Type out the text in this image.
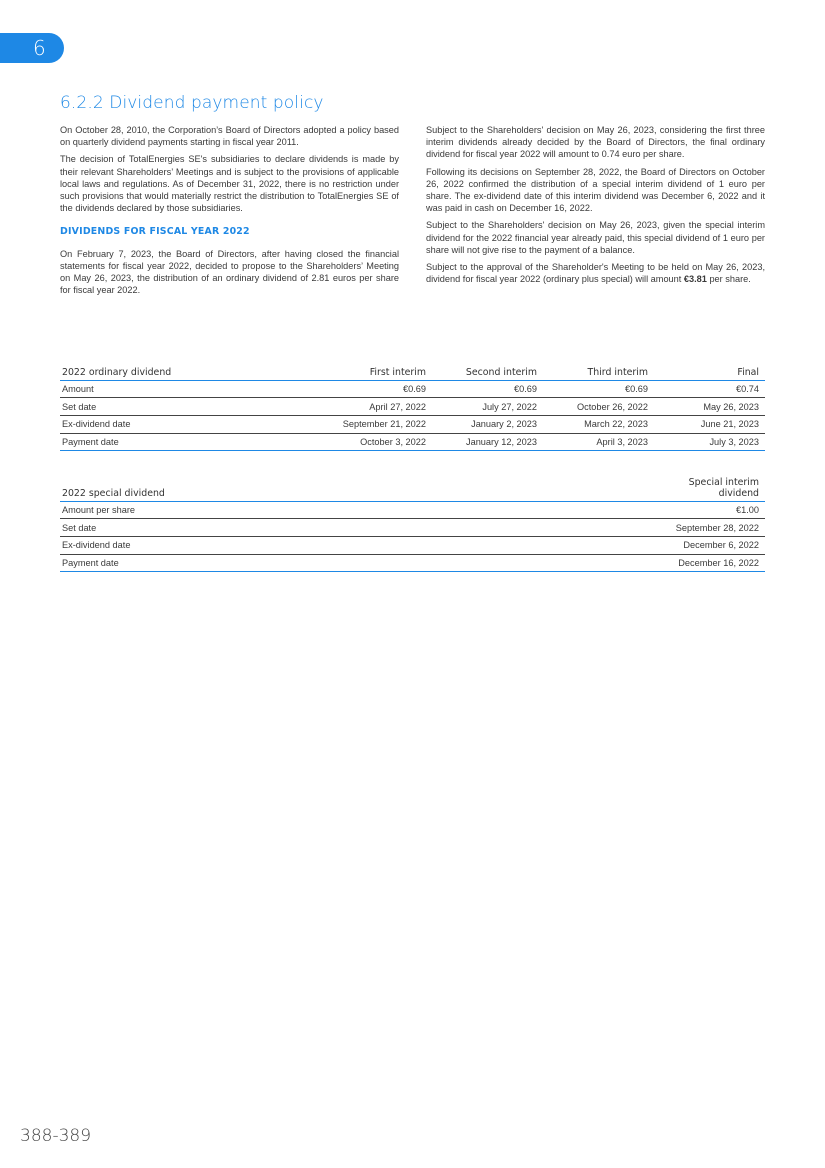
6
6.2.2 Dividend payment policy

On October 28, 2010, the Corporation’s Board of Directors adopted a policy based on quarterly dividend payments starting in fiscal year 2011.

The decision of TotalEnergies SE's subsidiaries to declare dividends is made by their relevant Shareholders’ Meetings and is subject to the provisions of applicable local laws and regulations. As of December 31, 2022, there is no restriction under such provisions that would materially restrict the distribution to TotalEnergies SE of the dividends declared by those subsidiaries.

DIVIDENDS FOR FISCAL YEAR 2022

On February 7, 2023, the Board of Directors, after having closed the financial statements for fiscal year 2022, decided to propose to the Shareholders’ Meeting on May 26, 2023, the distribution of an ordinary dividend of 2.81 euros per share for fiscal year 2022.

Subject to the Shareholders' decision on May 26, 2023, considering the first three interim dividends already decided by the Board of Directors, the final ordinary dividend for fiscal year 2022 will amount to 0.74 euro per share.

Following its decisions on September 28, 2022, the Board of Directors on October 26, 2022 confirmed the distribution of a special interim dividend of 1 euro per share. The ex-dividend date of this interim dividend was December 6, 2022 and it was paid in cash on December 16, 2022.

Subject to the Shareholders' decision on May 26, 2023, given the special interim dividend for the 2022 financial year already paid, this special dividend of 1 euro per share will not give rise to the payment of a balance.

Subject to the approval of the Shareholder's Meeting to be held on May 26, 2023, dividend for fiscal year 2022 (ordinary plus special) will amount €3.81 per share.

2022 ordinary dividend	First interim	Second interim	Third interim	Final
Amount	€0.69	€0.69	€0.69	€0.74
Set date	April 27, 2022	July 27, 2022	October 26, 2022	May 26, 2023
Ex-dividend date	September 21, 2022	January 2, 2023	March 22, 2023	June 21, 2023
Payment date	October 3, 2022	January 12, 2023	April 3, 2023	July 3, 2023
2022 special dividend	Special interim
dividend
Amount per share	€1.00
Set date	September 28, 2022
Ex-dividend date	December 6, 2022
Payment date	December 16, 2022
388-389
